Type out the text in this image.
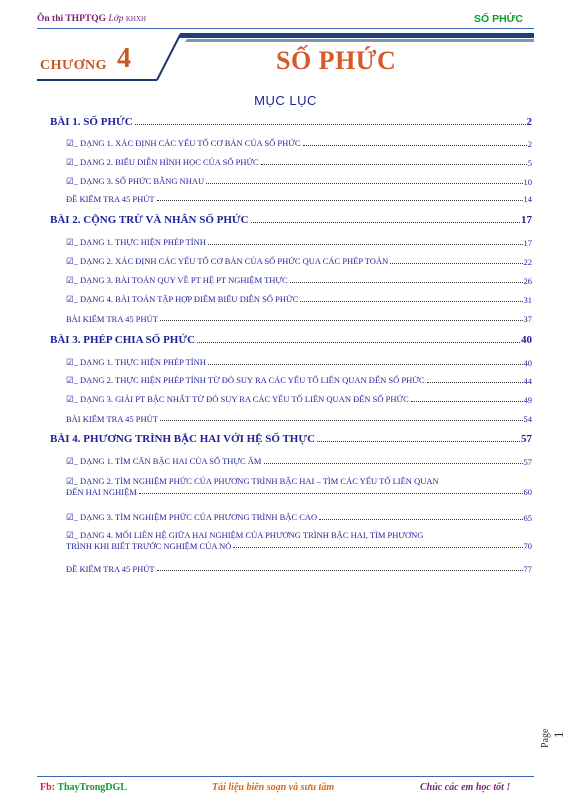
Ôn thi THPTQG Lớp KHXH	SỐ PHỨC
CHƯƠNG 4	SỐ PHỨC
MỤC LỤC
BÀI 1. SỐ PHỨC	2
☑_ DẠNG 1. XÁC ĐỊNH CÁC YẾU TỐ CƠ BẢN CỦA SỐ PHỨC	2
☑_ DẠNG 2. BIỂU DIỄN HÌNH HỌC CỦA SỐ PHỨC	5
☑_ DẠNG 3. SỐ PHỨC BẰNG NHAU	10
ĐỀ KIỂM TRA 45 PHÚT	14
BÀI 2. CỘNG TRỪ VÀ NHÂN SỐ PHỨC	17
☑_ DẠNG 1. THỰC HIỆN PHÉP TÍNH	17
☑_ DẠNG 2. XÁC ĐỊNH CÁC YẾU TỐ CƠ BẢN CỦA SỐ PHỨC QUA CÁC PHÉP TOÁN	22
☑_ DẠNG 3. BÀI TOÁN QUY VỀ PT HỆ PT NGHIỆM THỰC	26
☑_ DẠNG 4. BÀI TOÁN TẬP HỢP ĐIỂM BIỂU DIỄN SỐ PHỨC	31
BÀI KIỂM TRA 45 PHÚT	37
BÀI 3. PHÉP CHIA SỐ PHỨC	40
☑_ DẠNG 1. THỰC HIỆN PHÉP TÍNH	40
☑_ DẠNG 2. THỰC HIỆN PHÉP TÍNH TỪ ĐÓ SUY RA CÁC YẾU TỐ LIÊN QUAN ĐẾN SỐ PHỨC	44
☑_ DẠNG 3. GIẢI PT BẬC NHẤT TỪ ĐÓ SUY RA CÁC YẾU TỐ LIÊN QUAN ĐẾN SỐ PHỨC	49
BÀI KIỂM TRA 45 PHÚT	54
BÀI 4. PHƯƠNG TRÌNH BẬC HAI VỚI HỆ SỐ THỰC	57
☑_ DẠNG 1. TÌM CĂN BẬC HAI CỦA SỐ THỰC ÂM	57
☑_ DẠNG 2. TÌM NGHIỆM PHỨC CỦA PHƯƠNG TRÌNH BẬC HAI – TÌM CÁC YẾU TỐ LIÊN QUAN
ĐẾN HAI NGHIỆM	60
☑_ DẠNG 3. TÌM NGHIỆM PHỨC CỦA PHƯƠNG TRÌNH BẬC CAO	65
☑_ DẠNG 4. MỐI LIÊN HỆ GIỮA HAI NGHIỆM CỦA PHƯƠNG TRÌNH BẬC HAI, TÌM PHƯƠNG
TRÌNH KHI BIẾT TRƯỚC NGHIỆM CỦA NÓ	70
ĐỀ KIỂM TRA 45 PHÚT	77
Page 1
Fb: ThayTrongDGL	Tài liệu biên soạn và sưu tầm	Chúc các em học tốt !
